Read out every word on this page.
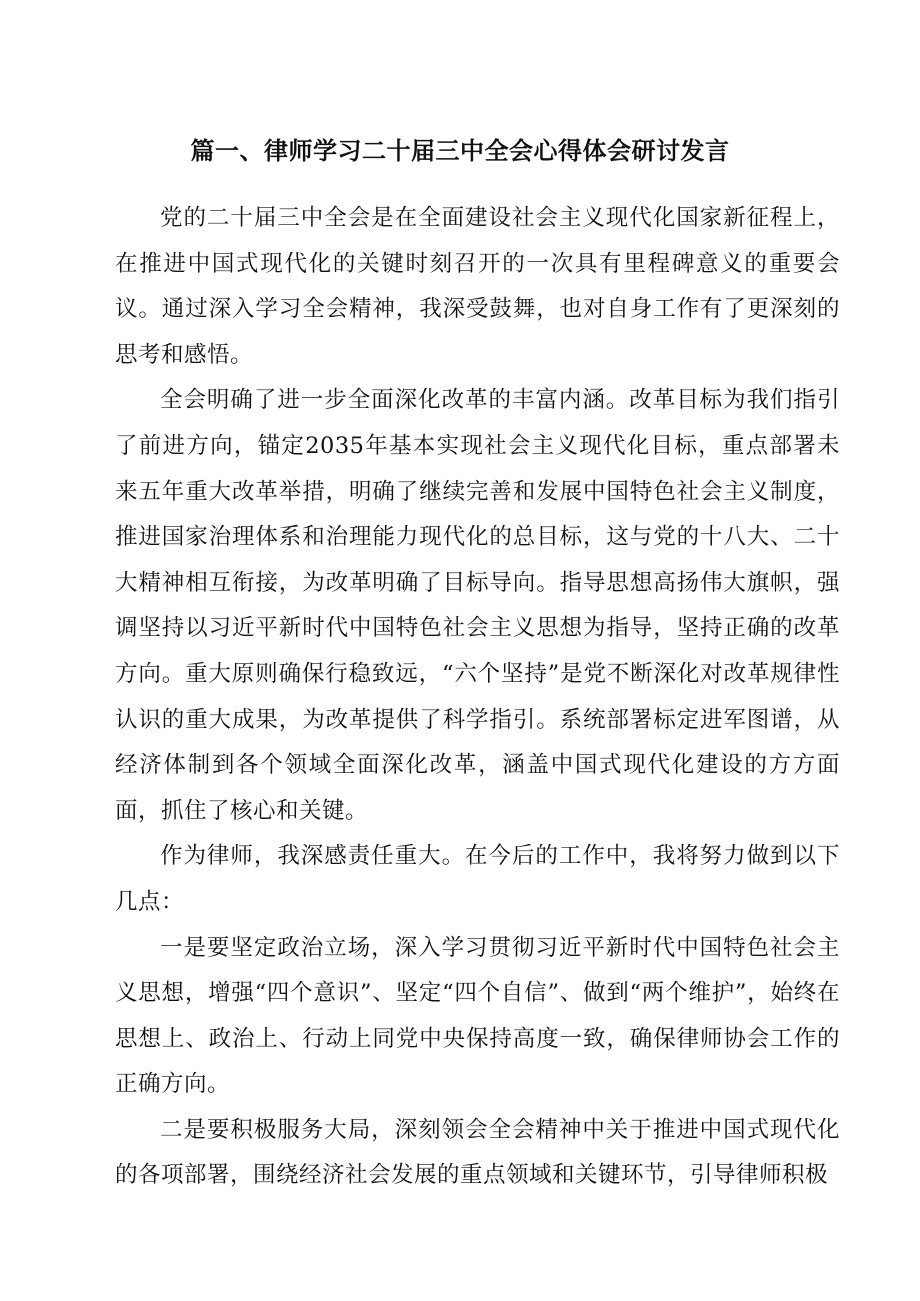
篇一、律师学习二十届三中全会心得体会研讨发言

党的二十届三中全会是在全面建设社会主义现代化国家新征程上，在推进中国式现代化的关键时刻召开的一次具有里程碑意义的重要会议。通过深入学习全会精神，我深受鼓舞，也对自身工作有了更深刻的思考和感悟。

全会明确了进一步全面深化改革的丰富内涵。改革目标为我们指引了前进方向，锚定2035年基本实现社会主义现代化目标，重点部署未来五年重大改革举措，明确了继续完善和发展中国特色社会主义制度，推进国家治理体系和治理能力现代化的总目标，这与党的十八大、二十大精神相互衔接，为改革明确了目标导向。指导思想高扬伟大旗帜，强调坚持以习近平新时代中国特色社会主义思想为指导，坚持正确的改革方向。重大原则确保行稳致远，“六个坚持”是党不断深化对改革规律性认识的重大成果，为改革提供了科学指引。系统部署标定进军图谱，从经济体制到各个领域全面深化改革，涵盖中国式现代化建设的方方面面，抓住了核心和关键。

作为律师，我深感责任重大。在今后的工作中，我将努力做到以下几点：

一是要坚定政治立场，深入学习贯彻习近平新时代中国特色社会主义思想，增强“四个意识”、坚定“四个自信”、做到“两个维护”，始终在思想上、政治上、行动上同党中央保持高度一致，确保律师协会工作的正确方向。

二是要积极服务大局，深刻领会全会精神中关于推进中国式现代化的各项部署，围绕经济社会发展的重点领域和关键环节，引导律师积极
